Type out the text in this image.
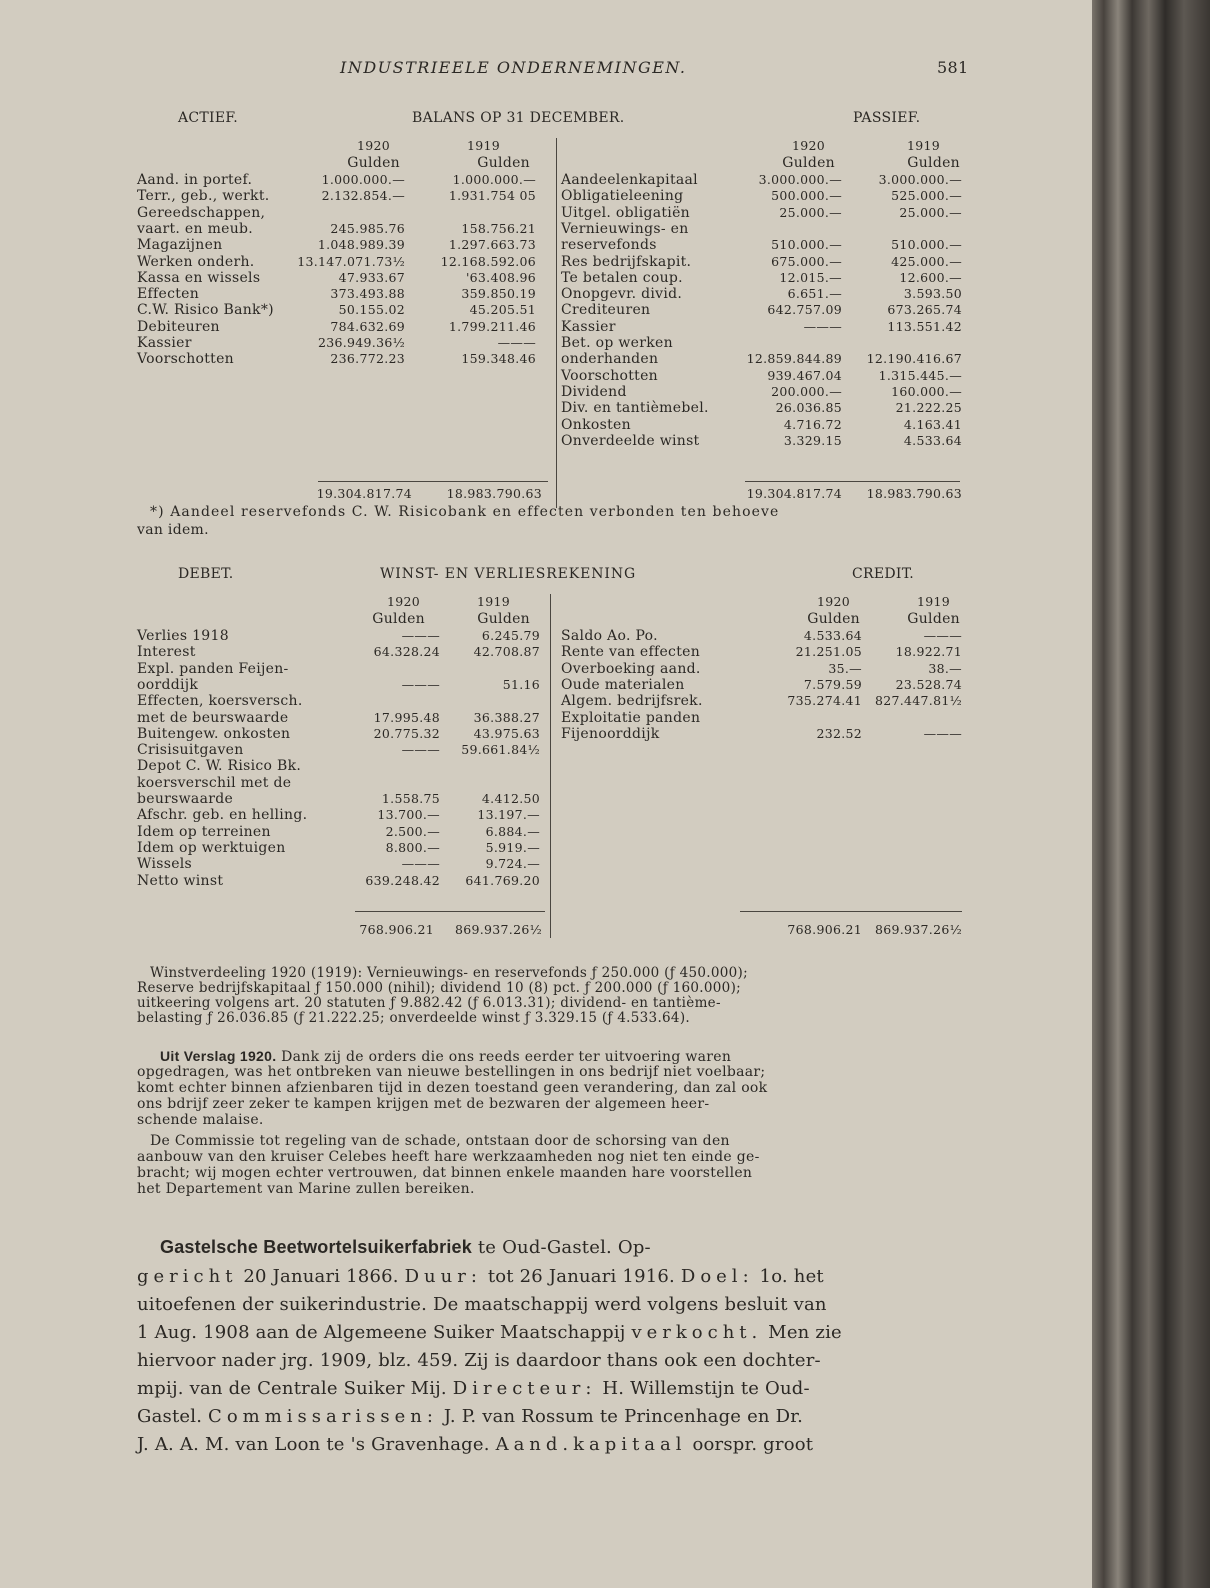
INDUSTRIEELE ONDERNEMINGEN.	581
ACTIEF.	BALANS OP 31 DECEMBER.	PASSIEF.
1920	1919	1920	1919
Gulden	Gulden	Gulden	Gulden
Aand. in portef.	1.000.000.—	1.000.000.—
Terr., geb., werkt.	2.132.854.—	1.931.754 05
Gereedschappen,
vaart. en meub.	245.985.76	158.756.21
Magazijnen	1.048.989.39	1.297.663.73
Werken onderh.	13.147.071.73½	12.168.592.06
Kassa en wissels	47.933.67	'63.408.96
Effecten	373.493.88	359.850.19
C.W. Risico Bank*)	50.155.02	45.205.51
Debiteuren	784.632.69	1.799.211.46
Kassier	236.949.36½	———
Voorschotten	236.772.23	159.348.46
Aandeelenkapitaal	3.000.000.—	3.000.000.—
Obligatieleening	500.000.—	525.000.—
Uitgel. obligatiën	25.000.—	25.000.—
Vernieuwings- en
reservefonds	510.000.—	510.000.—
Res bedrijfskapit.	675.000.—	425.000.—
Te betalen coup.	12.015.—	12.600.—
Onopgevr. divid.	6.651.—	3.593.50
Crediteuren	642.757.09	673.265.74
Kassier	———	113.551.42
Bet. op werken
onderhanden	12.859.844.89	12.190.416.67
Voorschotten	939.467.04	1.315.445.—
Dividend	200.000.—	160.000.—
Div. en tantièmebel.	26.036.85	21.222.25
Onkosten	4.716.72	4.163.41
Onverdeelde winst	3.329.15	4.533.64
19.304.817.74	18.983.790.63	19.304.817.74	18.983.790.63
*) Aandeel reservefonds C. W. Risicobank en effecten verbonden ten behoeve
van idem.
DEBET.	WINST- EN VERLIESREKENING	CREDIT.
1920	1919	1920	1919
Gulden	Gulden	Gulden	Gulden
Verlies 1918	———	6.245.79
Interest	64.328.24	42.708.87
Expl. panden Feijen-
oorddijk	———	51.16
Effecten, koersversch.
met de beurswaarde	17.995.48	36.388.27
Buitengew. onkosten	20.775.32	43.975.63
Crisisuitgaven	———	59.661.84½
Depot C. W. Risico Bk.
koersverschil met de
beurswaarde	1.558.75	4.412.50
Afschr. geb. en helling.	13.700.—	13.197.—
Idem op terreinen	2.500.—	6.884.—
Idem op werktuigen	8.800.—	5.919.—
Wissels	———	9.724.—
Netto winst	639.248.42	641.769.20
Saldo Ao. Po.	4.533.64	———
Rente van effecten	21.251.05	18.922.71
Overboeking aand.	35.—	38.—
Oude materialen	7.579.59	23.528.74
Algem. bedrijfsrek.	735.274.41	827.447.81½
Exploitatie panden
Fijenoorddijk	232.52	———
768.906.21	869.937.26½	768.906.21	869.937.26½
Winstverdeeling 1920 (1919): Vernieuwings- en reservefonds ƒ 250.000 (ƒ 450.000);
Reserve bedrijfskapitaal ƒ 150.000 (nihil); dividend 10 (8) pct. ƒ 200.000 (ƒ 160.000);
uitkeering volgens art. 20 statuten ƒ 9.882.42 (ƒ 6.013.31); dividend- en tantième-
belasting ƒ 26.036.85 (ƒ 21.222.25; onverdeelde winst ƒ 3.329.15 (ƒ 4.533.64).
Uit Verslag 1920. Dank zij de orders die ons reeds eerder ter uitvoering waren
opgedragen, was het ontbreken van nieuwe bestellingen in ons bedrijf niet voelbaar;
komt echter binnen afzienbaren tijd in dezen toestand geen verandering, dan zal ook
ons bdrijf zeer zeker te kampen krijgen met de bezwaren der algemeen heer-
schende malaise.
De Commissie tot regeling van de schade, ontstaan door de schorsing van den
aanbouw van den kruiser Celebes heeft hare werkzaamheden nog niet ten einde ge-
bracht; wij mogen echter vertrouwen, dat binnen enkele maanden hare voorstellen
het Departement van Marine zullen bereiken.
Gastelsche Beetwortelsuikerfabriek te Oud-Gastel. Op-
gericht 20 Januari 1866. Duur: tot 26 Januari 1916. Doel: 1o. het
uitoefenen der suikerindustrie. De maatschappij werd volgens besluit van
1 Aug. 1908 aan de Algemeene Suiker Maatschappij verkocht. Men zie
hiervoor nader jrg. 1909, blz. 459. Zij is daardoor thans ook een dochter-
mpij. van de Centrale Suiker Mij. Directeur: H. Willemstijn te Oud-
Gastel. Commissarissen: J. P. van Rossum te Princenhage en Dr.
J. A. A. M. van Loon te 's Gravenhage. Aand.kapitaal oorspr. groot
